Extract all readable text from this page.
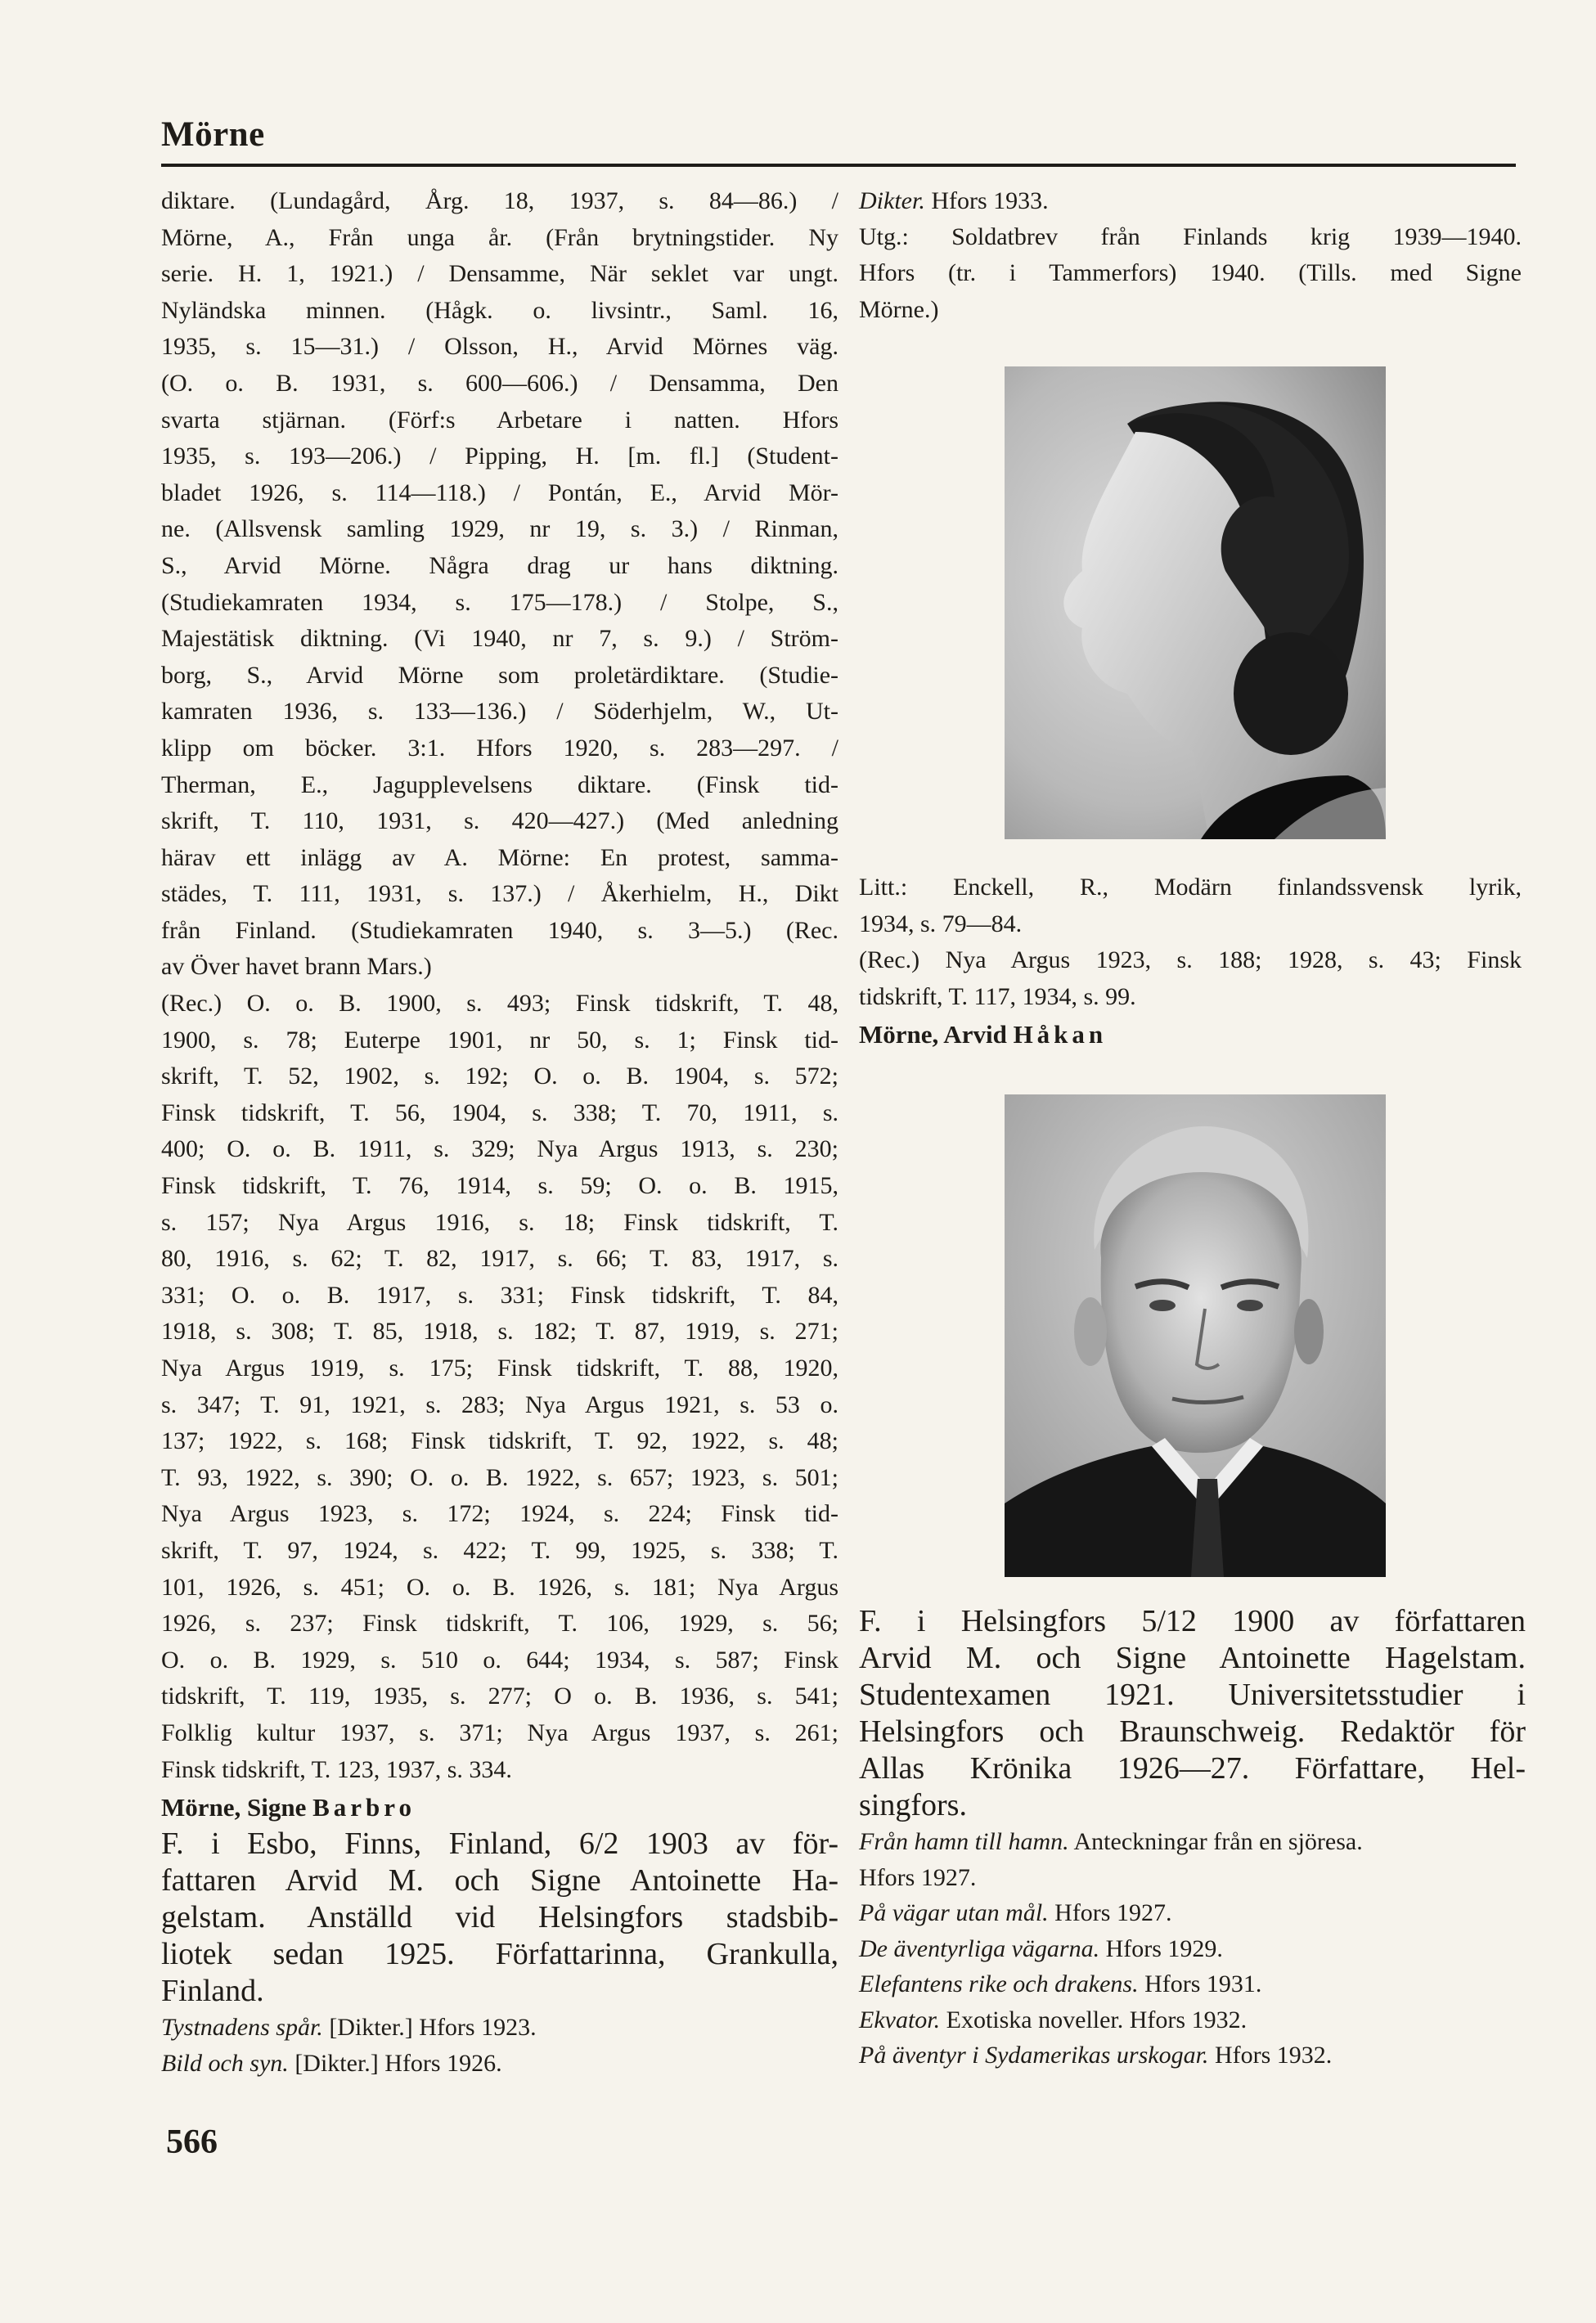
Mörne

diktare. (Lundagård, Årg. 18, 1937, s. 84—86.) /

Mörne, A., Från unga år. (Från brytningstider. Ny

serie. H. 1, 1921.) / Densamme, När seklet var ungt.

Nyländska minnen. (Hågk. o. livsintr., Saml. 16,

1935, s. 15—31.) / Olsson, H., Arvid Mörnes väg.

(O. o. B. 1931, s. 600—606.) / Densamma, Den

svarta stjärnan. (Förf:s Arbetare i natten. Hfors

1935, s. 193—206.) / Pipping, H. [m. fl.] (Student-

bladet 1926, s. 114—118.) / Pontán, E., Arvid Mör-

ne. (Allsvensk samling 1929, nr 19, s. 3.) / Rinman,

S., Arvid Mörne. Några drag ur hans diktning.

(Studiekamraten 1934, s. 175—178.) / Stolpe, S.,

Majestätisk diktning. (Vi 1940, nr 7, s. 9.) / Ström-

borg, S., Arvid Mörne som proletärdiktare. (Studie-

kamraten 1936, s. 133—136.) / Söderhjelm, W., Ut-

klipp om böcker. 3:1. Hfors 1920, s. 283—297. /

Therman, E., Jagupplevelsens diktare. (Finsk tid-

skrift, T. 110, 1931, s. 420—427.) (Med anledning

härav ett inlägg av A. Mörne: En protest, samma-

städes, T. 111, 1931, s. 137.) / Åkerhielm, H., Dikt

från Finland. (Studiekamraten 1940, s. 3—5.) (Rec.

av Över havet brann Mars.)

(Rec.) O. o. B. 1900, s. 493; Finsk tidskrift, T. 48,

1900, s. 78; Euterpe 1901, nr 50, s. 1; Finsk tid-

skrift, T. 52, 1902, s. 192; O. o. B. 1904, s. 572;

Finsk tidskrift, T. 56, 1904, s. 338; T. 70, 1911, s.

400; O. o. B. 1911, s. 329; Nya Argus 1913, s. 230;

Finsk tidskrift, T. 76, 1914, s. 59; O. o. B. 1915,

s. 157; Nya Argus 1916, s. 18; Finsk tidskrift, T.

80, 1916, s. 62; T. 82, 1917, s. 66; T. 83, 1917, s.

331; O. o. B. 1917, s. 331; Finsk tidskrift, T. 84,

1918, s. 308; T. 85, 1918, s. 182; T. 87, 1919, s. 271;

Nya Argus 1919, s. 175; Finsk tidskrift, T. 88, 1920,

s. 347; T. 91, 1921, s. 283; Nya Argus 1921, s. 53 o.

137; 1922, s. 168; Finsk tidskrift, T. 92, 1922, s. 48;

T. 93, 1922, s. 390; O. o. B. 1922, s. 657; 1923, s. 501;

Nya Argus 1923, s. 172; 1924, s. 224; Finsk tid-

skrift, T. 97, 1924, s. 422; T. 99, 1925, s. 338; T.

101, 1926, s. 451; O. o. B. 1926, s. 181; Nya Argus

1926, s. 237; Finsk tidskrift, T. 106, 1929, s. 56;

O. o. B. 1929, s. 510 o. 644; 1934, s. 587; Finsk

tidskrift, T. 119, 1935, s. 277; O o. B. 1936, s. 541;

Folklig kultur 1937, s. 371; Nya Argus 1937, s. 261;

Finsk tidskrift, T. 123, 1937, s. 334.

Mörne, Signe Barbro

F. i Esbo, Finns, Finland, 6/2 1903 av för-

fattaren Arvid M. och Signe Antoinette Ha-

gelstam. Anställd vid Helsingfors stadsbib-

liotek sedan 1925. Författarinna, Grankulla,

Finland.

Tystnadens spår. [Dikter.] Hfors 1923.

Bild och syn. [Dikter.] Hfors 1926.

Dikter. Hfors 1933.

Utg.: Soldatbrev från Finlands krig 1939—1940.

Hfors (tr. i Tammerfors) 1940. (Tills. med Signe

Mörne.)

Litt.: Enckell, R., Modärn finlandssvensk lyrik,

1934, s. 79—84.

(Rec.) Nya Argus 1923, s. 188; 1928, s. 43; Finsk

tidskrift, T. 117, 1934, s. 99.

Mörne, Arvid Håkan

F. i Helsingfors 5/12 1900 av författaren

Arvid M. och Signe Antoinette Hagelstam.

Studentexamen 1921. Universitetsstudier i

Helsingfors och Braunschweig. Redaktör för

Allas Krönika 1926—27. Författare, Hel-

singfors.

Från hamn till hamn. Anteckningar från en sjöresa.

Hfors 1927.

På vägar utan mål. Hfors 1927.

De äventyrliga vägarna. Hfors 1929.

Elefantens rike och drakens. Hfors 1931.

Ekvator. Exotiska noveller. Hfors 1932.

På äventyr i Sydamerikas urskogar. Hfors 1932.

566
